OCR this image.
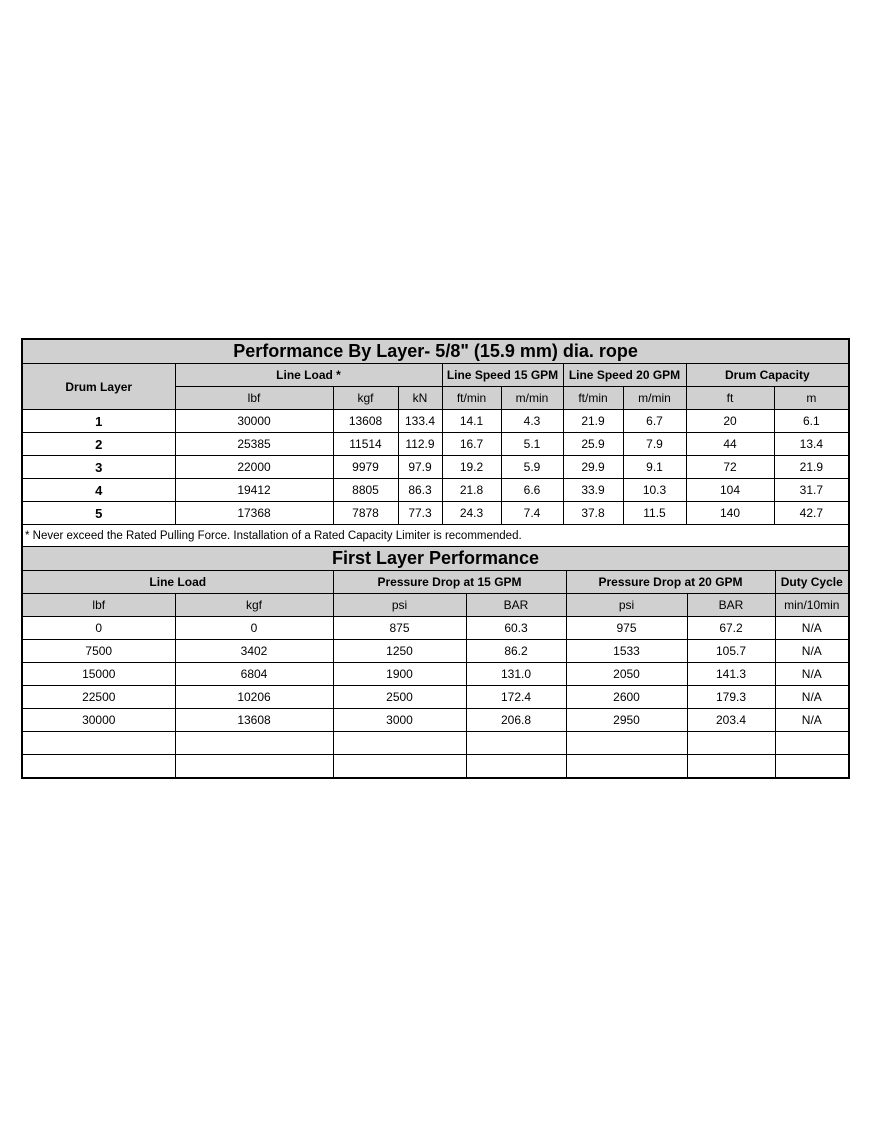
Performance By Layer- 5/8" (15.9 mm) dia. rope									
Drum Layer	Line Load *			Line Speed 15 GPM		Line Speed 20 GPM		Drum Capacity	
	lbf	kgf	kN	ft/min	m/min	ft/min	m/min	ft	m
1	30000	13608	133.4	14.1	4.3	21.9	6.7	20	6.1
2	25385	11514	112.9	16.7	5.1	25.9	7.9	44	13.4
3	22000	9979	97.9	19.2	5.9	29.9	9.1	72	21.9
4	19412	8805	86.3	21.8	6.6	33.9	10.3	104	31.7
5	17368	7878	77.3	24.3	7.4	37.8	11.5	140	42.7
* Never exceed the Rated Pulling Force. Installation of a Rated Capacity Limiter is recommended.									
First Layer Performance						
Line Load		Pressure Drop at 15 GPM		Pressure Drop at 20 GPM		Duty Cycle
lbf	kgf	psi	BAR	psi	BAR	min/10min
0	0	875	60.3	975	67.2	N/A
7500	3402	1250	86.2	1533	105.7	N/A
15000	6804	1900	131.0	2050	141.3	N/A
22500	10206	2500	172.4	2600	179.3	N/A
30000	13608	3000	206.8	2950	203.4	N/A
